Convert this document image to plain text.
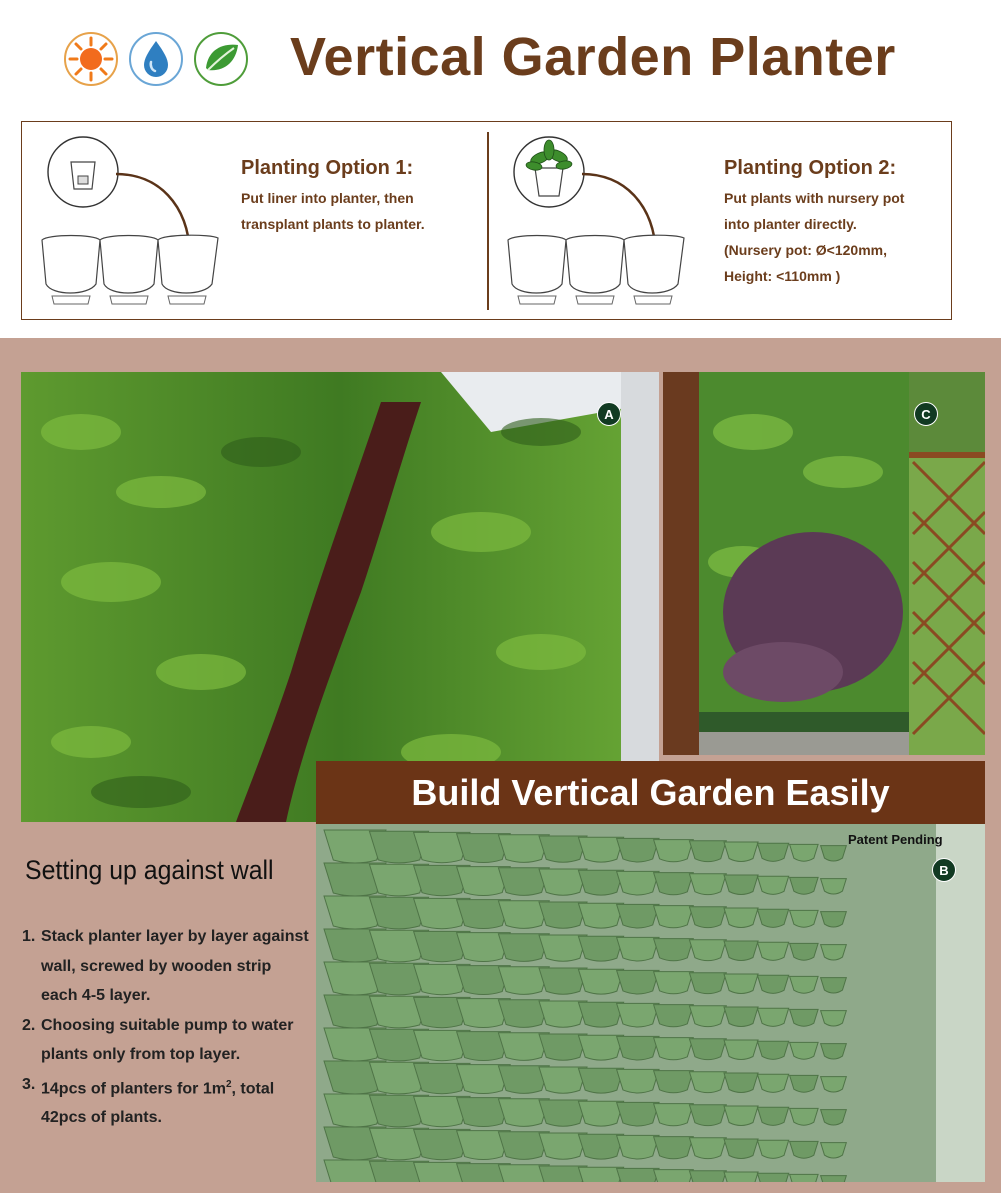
Vertical Garden Planter
Planting Option 1:
Put liner into planter, then
transplant plants to planter.
Planting Option 2:
Put plants with nursery pot
into planter directly.
(Nursery pot: Ø<120mm,
Height: <110mm )
A	C
Patent Pending
B
Build Vertical Garden Easily
Setting up against wall
1. Stack planter layer by layer against wall, screwed by wooden strip each 4-5 layer.
2. Choosing suitable pump to water plants only from top layer.
3. 14pcs of planters for $1m^2$, total 42pcs of plants.
